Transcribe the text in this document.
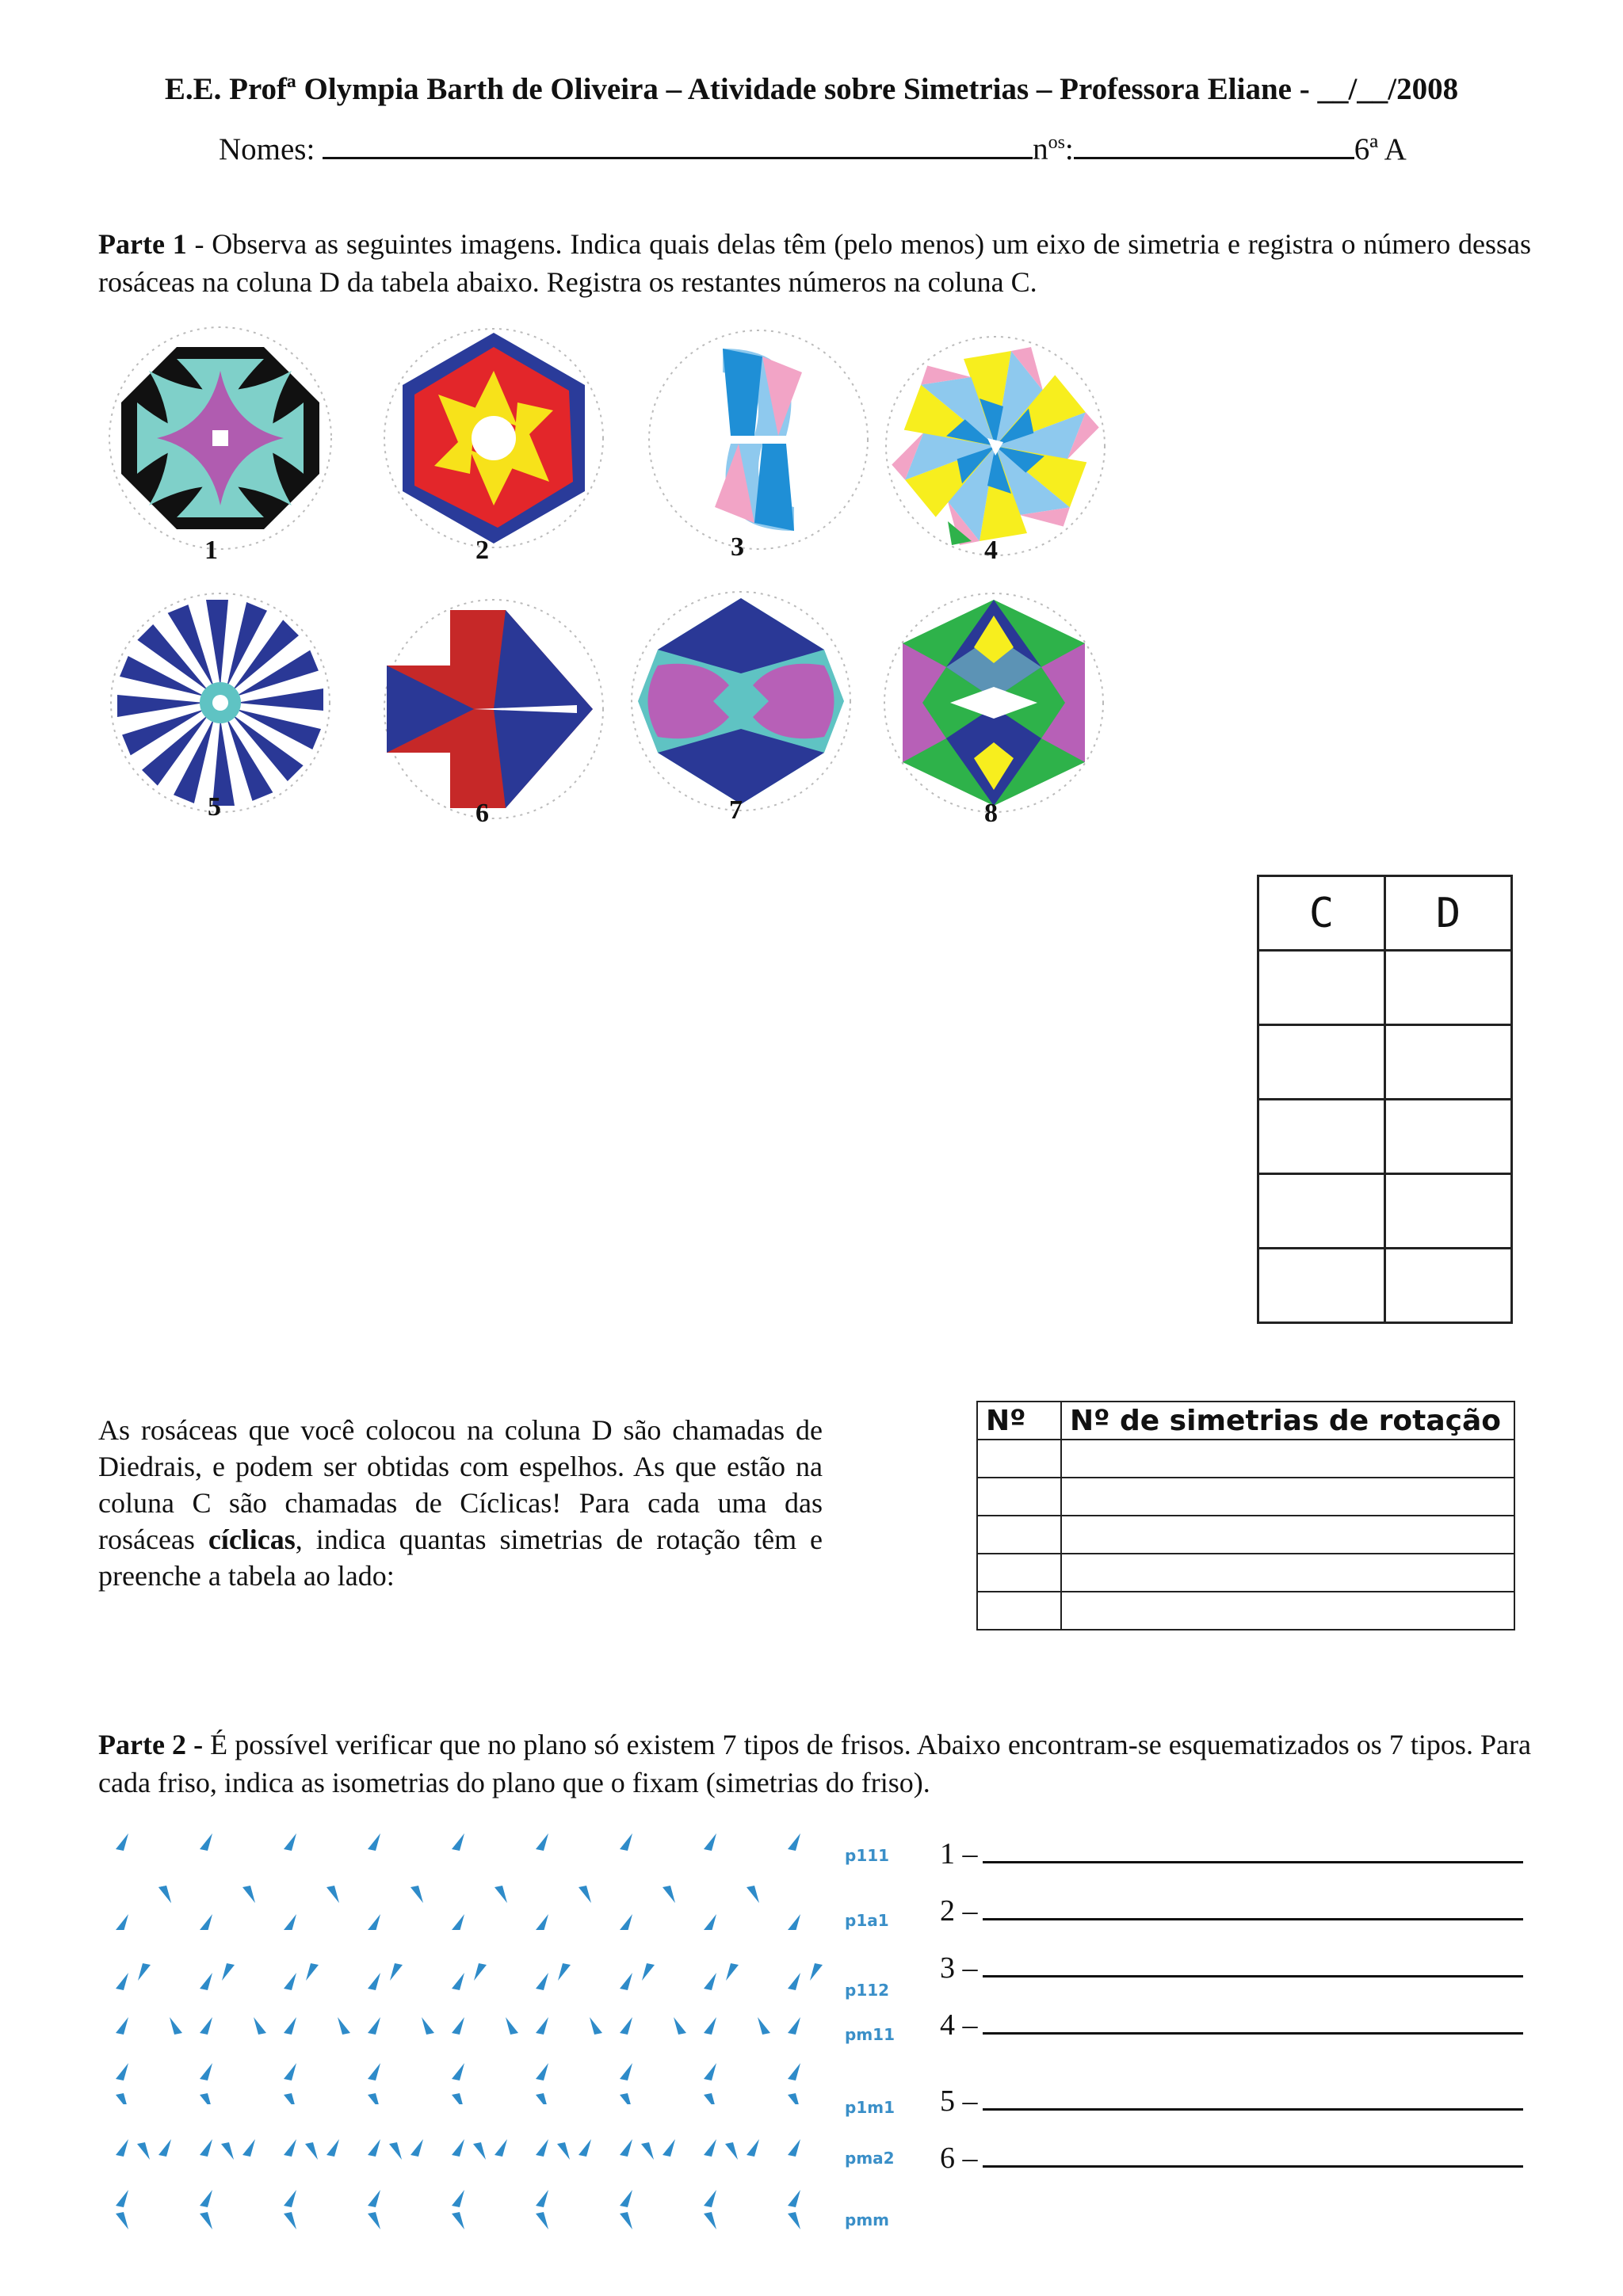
E.E. Profª Olympia Barth de Oliveira – Atividade sobre Simetrias – Professora Eliane - __/__/2008
Nomes:	$n^{os}$:	6ª A
Parte 1 - Observa as seguintes imagens. Indica quais delas têm (pelo menos) um eixo de simetria e registra o número dessas rosáceas na coluna D da tabela abaixo. Registra os restantes números na coluna C.
1	2	3	4
5	6	7	8
C	D

As rosáceas que você colocou na coluna D são chamadas de Diedrais, e podem ser obtidas com espelhos. As que estão na coluna C são chamadas de Cíclicas! Para cada uma das rosáceas cíclicas, indica quantas simetrias de rotação têm e preenche a tabela ao lado:
Nº	Nº de simetrias de rotação

Parte 2 - É possível verificar que no plano só existem 7 tipos de frisos. Abaixo encontram-se esquematizados os 7 tipos. Para cada friso, indica as isometrias do plano que o fixam (simetrias do friso).
p111
p1a1
p112
pm11
p1m1
pma2
pmm
1 –
2 –
3 –
4 –
5 –
6 –
